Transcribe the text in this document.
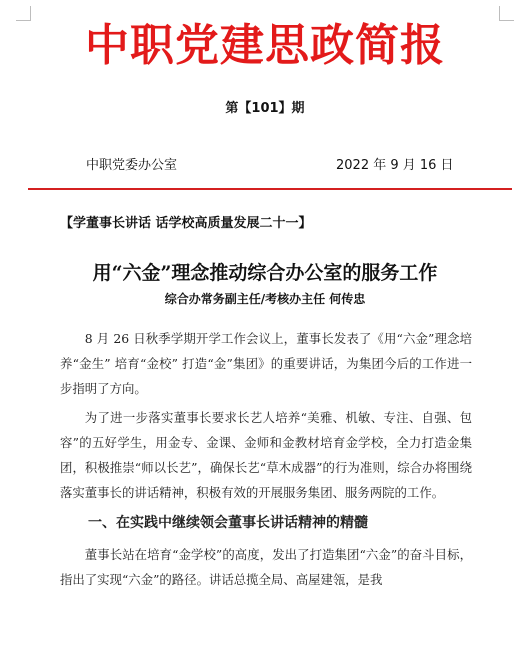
中职党建思政简报
第【101】期
中职党委办公室	2022 年 9 月 16 日
【学董事长讲话 话学校高质量发展二十一】
用“六金”理念推动综合办公室的服务工作
综合办常务副主任/考核办主任 何传忠

8 月 26 日秋季学期开学工作会议上，董事长发表了《用“六金”理念培养“金生” 培育“金校” 打造“金”集团》的重要讲话，为集团今后的工作进一步指明了方向。

为了进一步落实董事长要求长艺人培养“美雅、机敏、专注、自强、包容”的五好学生，用金专、金课、金师和金教材培育金学校，全力打造金集团，积极推崇“师以长艺”，确保长艺“草木成器”的行为准则，综合办将围绕落实董事长的讲话精神，积极有效的开展服务集团、服务两院的工作。

一、在实践中继续领会董事长讲话精神的精髓

董事长站在培育“金学校”的高度，发出了打造集团“六金”的奋斗目标，指出了实现“六金”的路径。讲话总揽全局、高屋建瓴，是我
